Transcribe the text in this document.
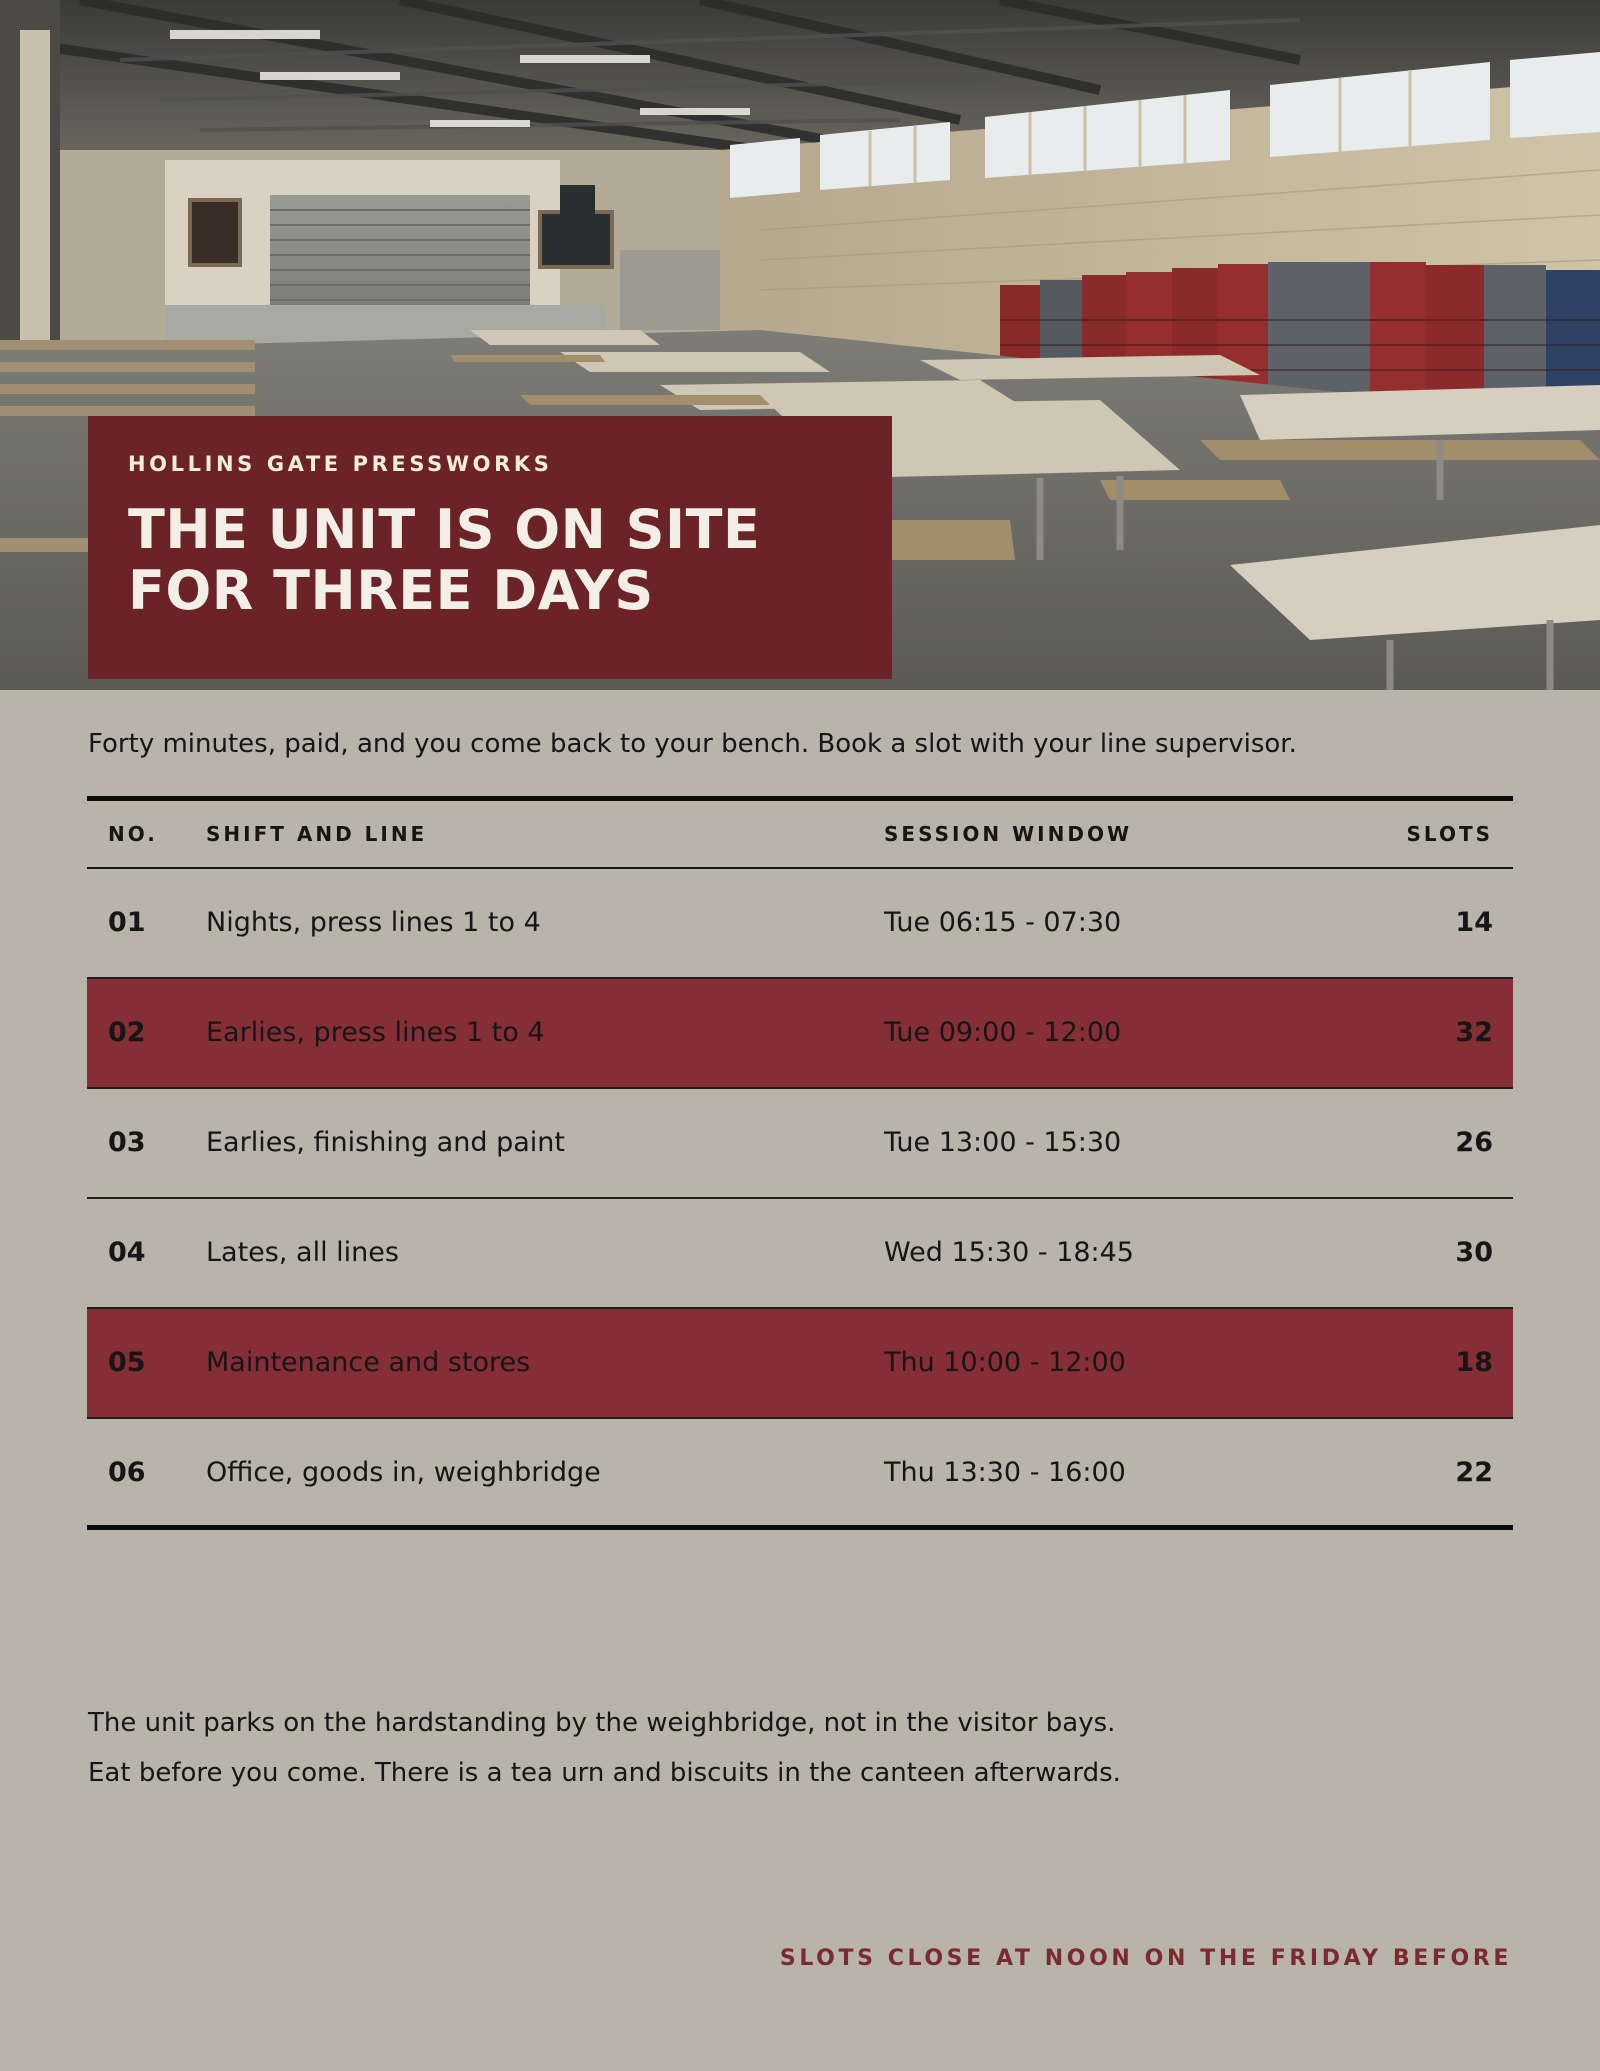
HOLLINS GATE PRESSWORKS

THE UNIT IS ON SITE
FOR THREE DAYS
Forty minutes, paid, and you come back to your bench. Book a slot with your line supervisor.
NO. SHIFT AND LINE	SESSION WINDOW	SLOTS
01 Nights, press lines 1 to 4	Tue 06:15 - 07:30	14
02 Earlies, press lines 1 to 4	Tue 09:00 - 12:00	32
03 Earlies, finishing and paint	Tue 13:00 - 15:30	26
04 Lates, all lines	Wed 15:30 - 18:45	30
05 Maintenance and stores	Thu 10:00 - 12:00	18
06 Office, goods in, weighbridge	Thu 13:30 - 16:00	22

The unit parks on the hardstanding by the weighbridge, not in the visitor bays.

Eat before you come. There is a tea urn and biscuits in the canteen afterwards.

SLOTS CLOSE AT NOON ON THE FRIDAY BEFORE
